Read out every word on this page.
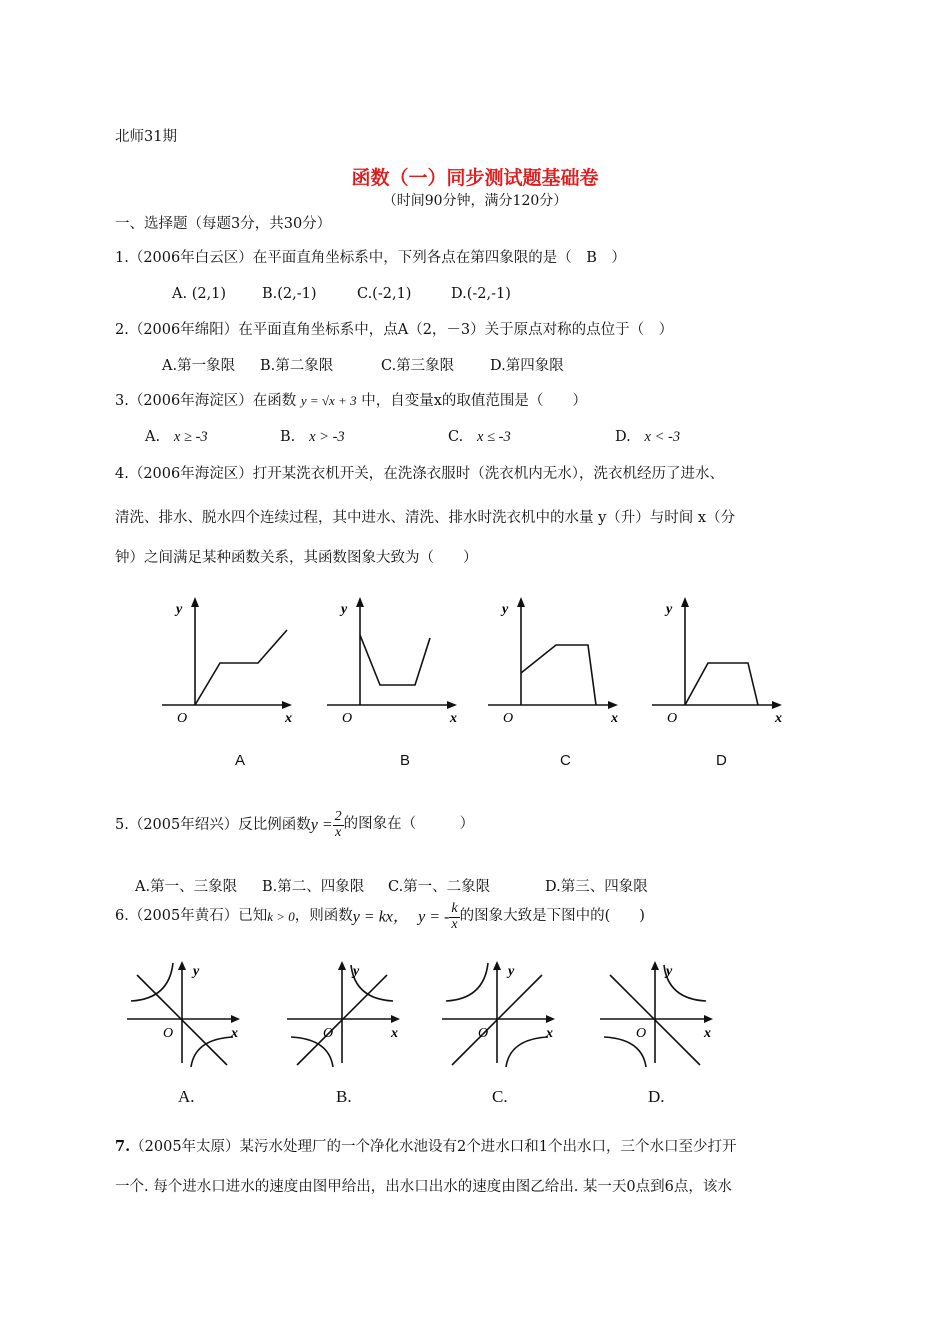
北师31期
函数（一）同步测试题基础卷
（时间90分钟，满分120分）
一、选择题（每题3分，共30分）
1.（2006年白云区）在平面直角坐标系中，下列各点在第四象限的是（　B　）
A. (2,1) B.(2,-1)	C.(-2,1)	D.(-2,-1)
2.（2006年绵阳）在平面直角坐标系中，点A（2，－3）关于原点对称的点位于（　）
A.第一象限 B.第二象限	C.第三象限 D.第四象限
3.（2006年海淀区）在函数 y = √x + 3 中，自变量x的取值范围是（　　）
A. x ≥ -3	B. x > -3	C. x ≤ -3	D. x < -3
4.（2006年海淀区）打开某洗衣机开关，在洗涤衣服时（洗衣机内无水），洗衣机经历了进水、
清洗、排水、脱水四个连续过程，其中进水、清洗、排水时洗衣机中的水量 y（升）与时间 x（分
钟）之间满足某种函数关系，其函数图象大致为（　　）
y
O	x
y
O	x
y
O	x
y
O	x
A	B	C	D
5.（2005年绍兴）反比例函数$y = \frac{2}{x}$ 的图象在（　　　）
A.第一、三象限 B.第二、四象限 C.第一、二象限	D.第三、四象限
6.（2005年黄石）已知k > 0，则函数y = kx， y = - $\frac{k}{x}$ 的图象大致是下图中的(　　)
y
O	x
y
O	x
y
O	x
y
O	x
A.	B.	C.	D.
7.（2005年太原）某污水处理厂的一个净化水池设有2个进水口和1个出水口，三个水口至少打开
一个. 每个进水口进水的速度由图甲给出，出水口出水的速度由图乙给出. 某一天0点到6点，该水
